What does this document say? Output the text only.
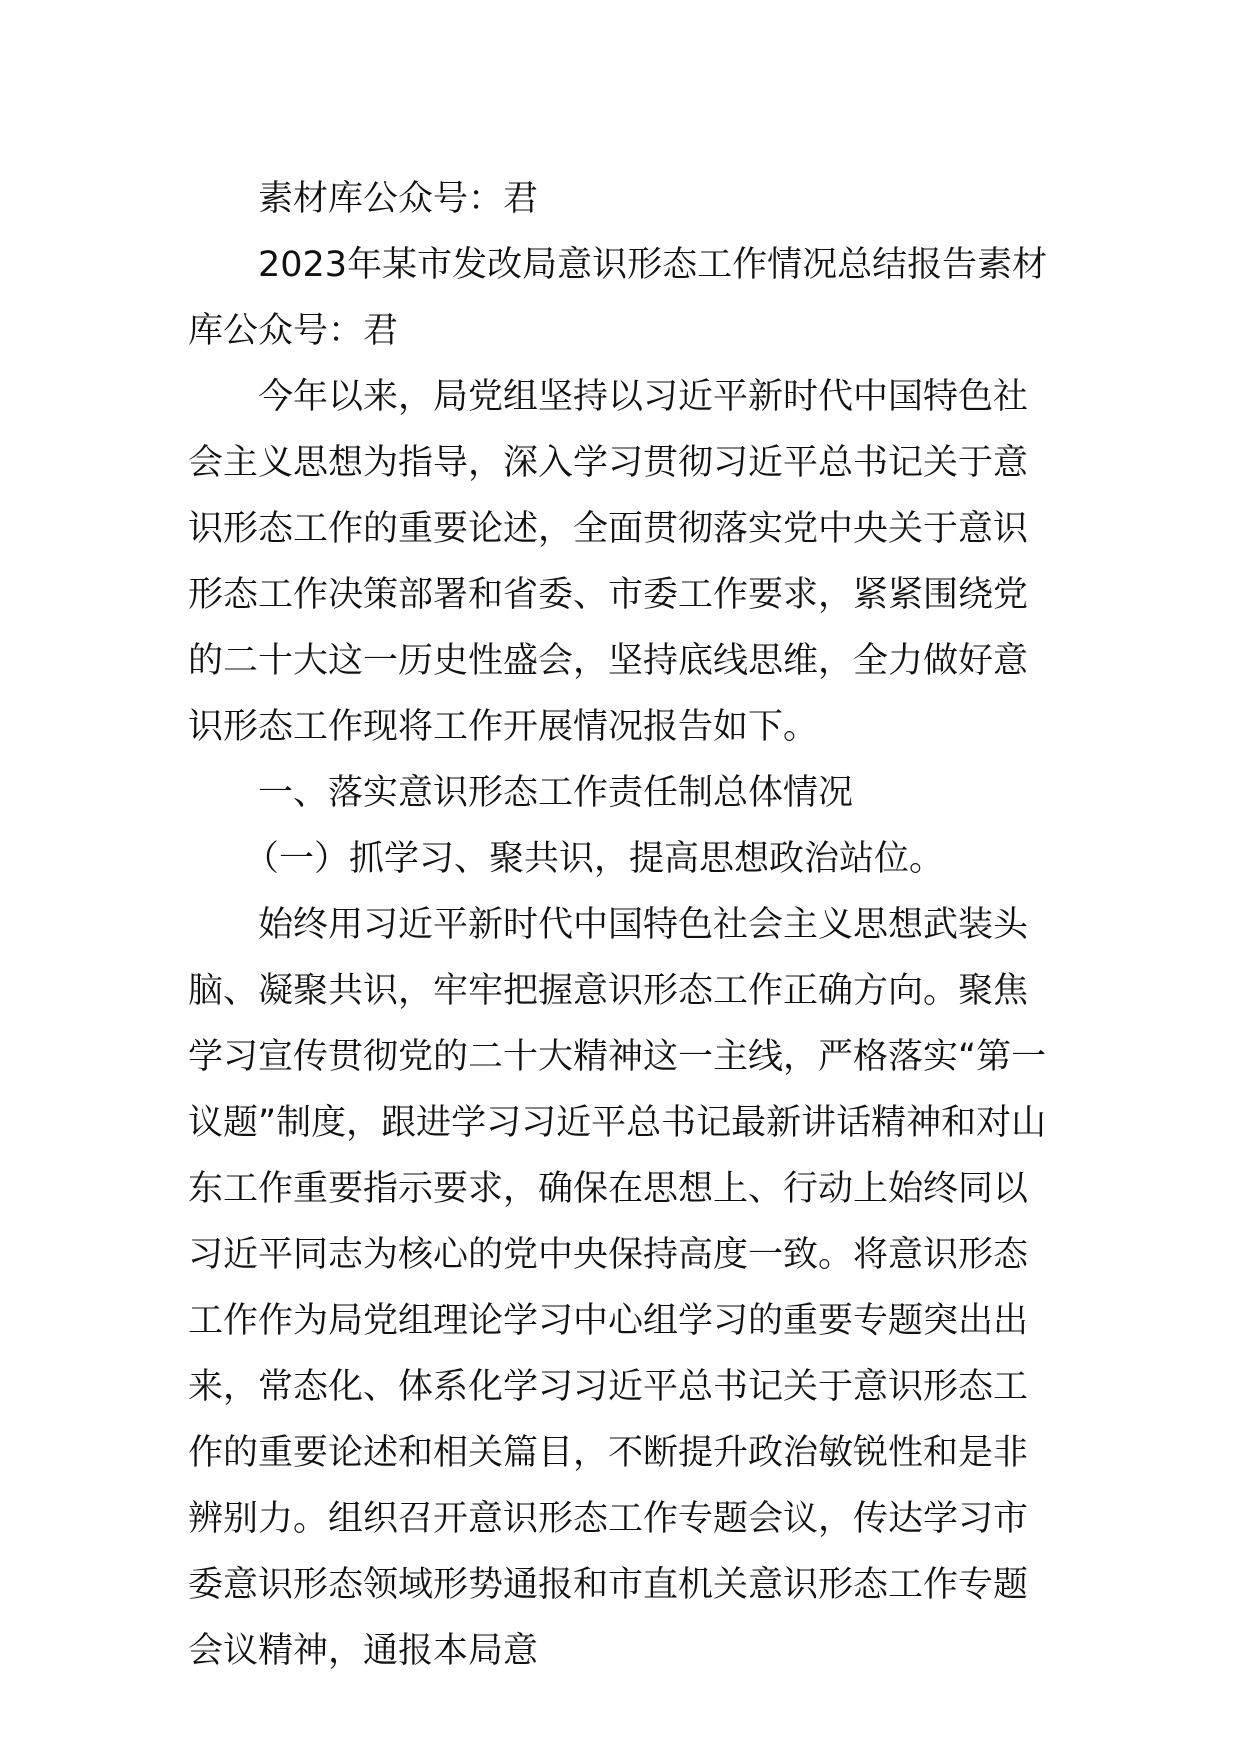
素材库公众号：君

2023年某市发改局意识形态工作情况总结报告素材库公众号：君

今年以来，局党组坚持以习近平新时代中国特色社会主义思想为指导，深入学习贯彻习近平总书记关于意识形态工作的重要论述，全面贯彻落实党中央关于意识形态工作决策部署和省委、市委工作要求，紧紧围绕党的二十大这一历史性盛会，坚持底线思维，全力做好意识形态工作现将工作开展情况报告如下。

一、落实意识形态工作责任制总体情况

（一）抓学习、聚共识，提高思想政治站位。

始终用习近平新时代中国特色社会主义思想武装头脑、凝聚共识，牢牢把握意识形态工作正确方向。聚焦学习宣传贯彻党的二十大精神这一主线，严格落实“第一议题”制度，跟进学习习近平总书记最新讲话精神和对山东工作重要指示要求，确保在思想上、行动上始终同以习近平同志为核心的党中央保持高度一致。将意识形态工作作为局党组理论学习中心组学习的重要专题突出出来，常态化、体系化学习习近平总书记关于意识形态工作的重要论述和相关篇目，不断提升政治敏锐性和是非辨别力。组织召开意识形态工作专题会议，传达学习市委意识形态领域形势通报和市直机关意识形态工作专题会议精神，通报本局意
